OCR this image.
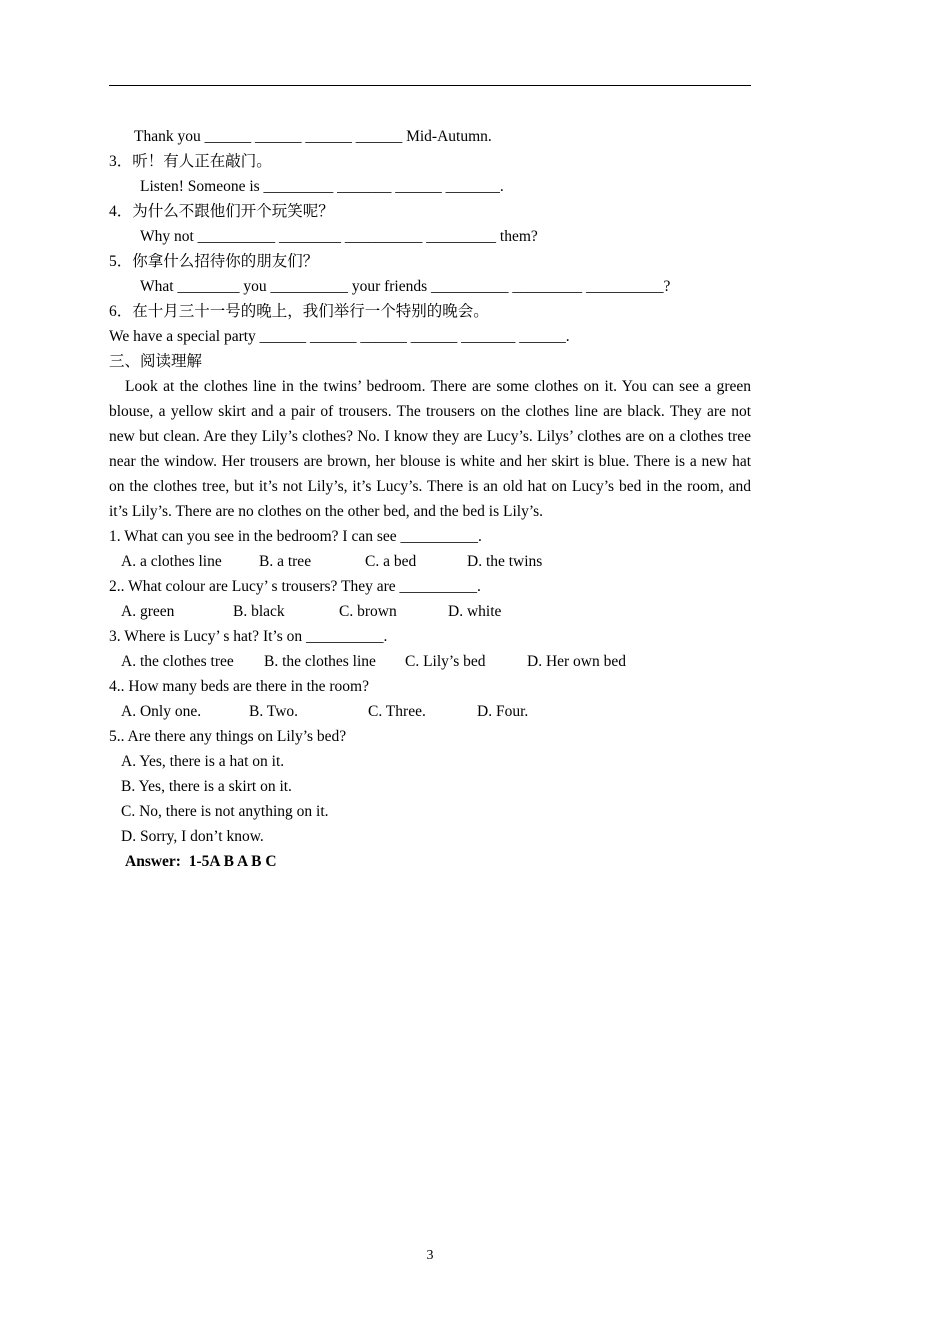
Thank you ______ ______ ______ ______ Mid-Autumn.
3．听！有人正在敲门。
Listen! Someone is _________ _______ ______ _______.
4．为什么不跟他们开个玩笑呢？
Why not __________ ________ __________ _________ them?
5．你拿什么招待你的朋友们？
What ________ you __________ your friends __________ _________ __________?
6．在十月三十一号的晚上，我们举行一个特别的晚会。
We have a special party ______ ______ ______ ______ _______ ______.
三、阅读理解
Look at the clothes line in the twins’ bedroom. There are some clothes on it. You can see a green blouse, a yellow skirt and a pair of trousers. The trousers on the clothes line are black. They are not new but clean. Are they Lily’s clothes? No. I know they are Lucy’s. Lilys’ clothes are on a clothes tree near the window. Her trousers are brown, her blouse is white and her skirt is blue. There is a new hat on the clothes tree, but it’s not Lily’s, it’s Lucy’s. There is an old hat on Lucy’s bed in the room, and it’s Lily’s. There are no clothes on the other bed, and the bed is Lily’s.
1. What can you see in the bedroom? I can see __________.
A. a clothes line	B. a tree	C. a bed	D. the twins
2.. What colour are Lucy’ s trousers? They are __________.
A. green	B. black	C. brown	D. white
3. Where is Lucy’ s hat? It’s on __________.
A. the clothes tree	B. the clothes line	C. Lily’s bed	D. Her own bed
4.. How many beds are there in the room?
A. Only one.	B. Two.	C. Three.	D. Four.
5.. Are there any things on Lily’s bed?
A. Yes, there is a hat on it.
B. Yes, there is a skirt on it.
C. No, there is not anything on it.
D. Sorry, I don’t know.
Answer:  1-5A B A B C
3
